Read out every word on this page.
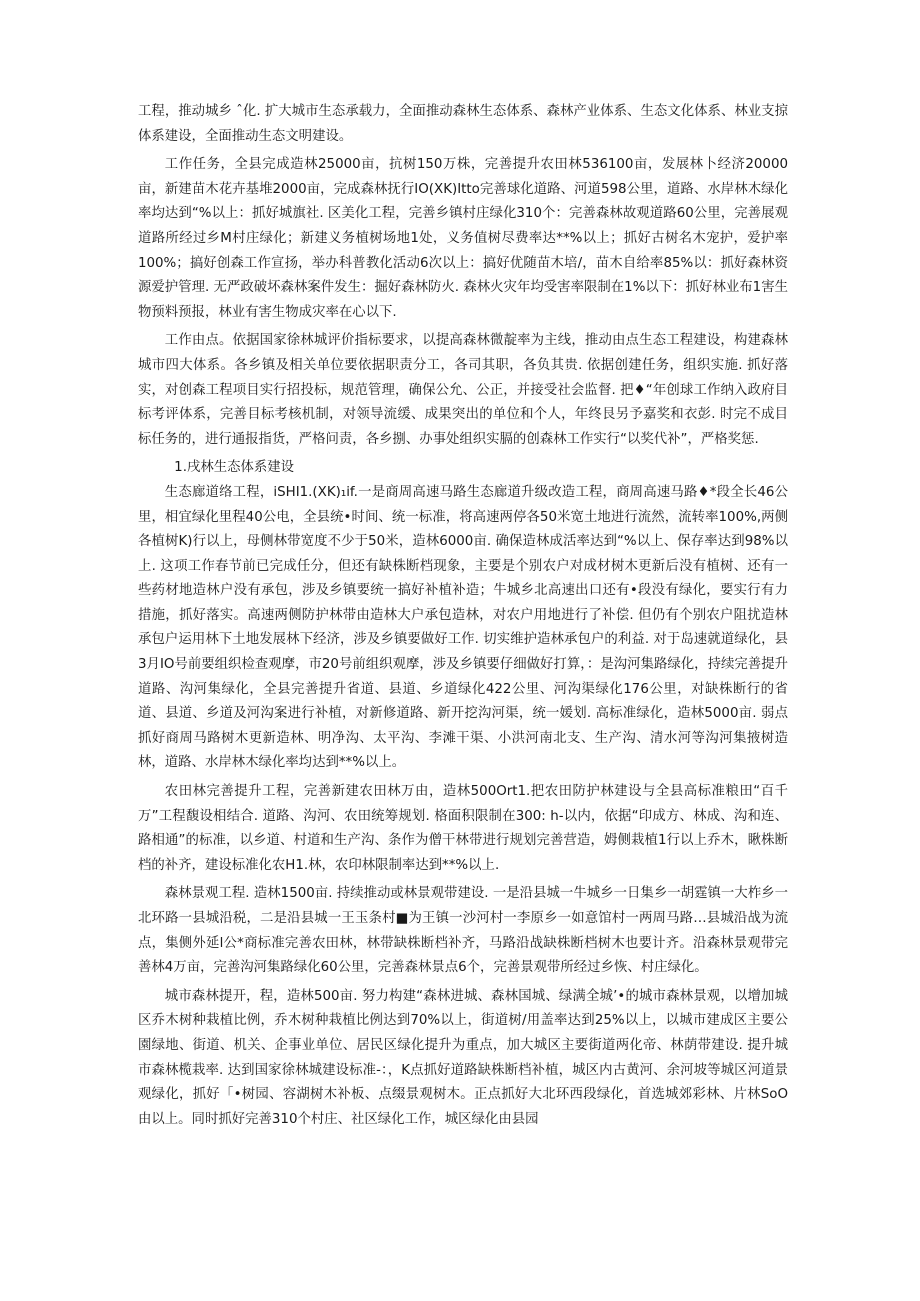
工程，推动城乡 ˆ化. 扩大城市生态承载力，全面推动森林生态体系、森林产业体系、生态文化体系、林业支掠体系建设，全面推动生态文明建设。

工作任务，全县完成造林25000亩，抗树150万株，完善提升农田林536100亩，发展林卜经济20000亩，新建苗木花卉基堆2000亩，完成森林抚行IO(XK)Itto完善球化道路、河道598公里，道路、水岸林木绿化率均达到“%以上：抓好城旗社. 区美化工程，完善乡镇村庄绿化310个：完善森林故观道路60公里，完善展观道路所经过乡M村庄绿化；新建义务植树场地1处，义务值树尽费率达**%以上；抓好古树名木宠护，爱护率100%；搞好创森工作宣扬，举办科普教化活动6次以上：搞好优随苗木培/，苗木自给率85%以：抓好森林资源爱护管理. 无严政破坏森林案件发生：掘好森林防火. 森林火灾年均受害率限制在1%以下：抓好林业布1害生物预料预报，林业有害生物成灾率在心以下.

工作由点。依据国家徐林城评价指标要求，以提高森林微靛率为主线，推动由点生态工程建设，构建森林城市四大体系。各乡镇及相关单位要依据职责分工，各司其职，各负其贵. 依据创建任务，组织实施. 抓好落实，对创森工程项目实行招投标，规范管理，确保公允、公正，并接受社会监督. 把♦“年创球工作纳入政府目标考评体系，完善目标考核机制，对领导流缓、成果突出的单位和个人，年终艮另予嘉奖和衣彭. 时完不成目标任务的，进行通报指货，严格问责，各乡捌、办事处组织实膈的创森林工作实行“以奖代补”，严格奖惩.

1.戌林生态体系建设

生态廊道络工程，iSHI1.(XK)₁if.一是商周高速马路生态廊道升级改造工程，商周高速马路♦*段全长46公里，相宜绿化里程40公电，全县统•时间、统一标准，将高速两停各50米宽土地进行流然，流转率100%,两侧各植树K)行以上，母侧林带宽度不少于50米，造林6000亩. 确保造林成活率达到“%以上、保存率达到98%以上. 这项工作春节前已完成任分，但还有缺株断档现象，主要是个别农户对成材树木更新后没有植树、还有一些药材地造林户没有承包，涉及乡镇要统一搞好补植补造；牛城乡北高速出口还有•段没有绿化，要实行有力措施，抓好落实。高速两侧防护林带由造林大户承包造林，对农户用地进行了补偿. 但仍有个别农户阻扰造林承包户运用林下土地发展林下经济，涉及乡镇要做好工作. 切实维护造林承包户的利益. 对于岛速就道绿化，县3月IO号前要组织检查观摩，市20号前组织观摩，涉及乡镇要仔细做好打算，：是沟河集路绿化，持续完善提升道路、沟河集绿化，全县完善提升省道、县道、乡道绿化422公里、河沟渠绿化176公里，对缺株断行的省道、县道、乡道及河沟案进行补植，对新修道路、新开挖沟河渠，统一媛划. 高标准绿化，造林5000亩. 弱点抓好商周马路树木更新造林、明净沟、太平沟、李滩干渠、小洪河南北支、生产沟、清水河等沟河集掖树造林，道路、水岸林木绿化率均达到**%以上。

农田林完善提升工程，完善新建农田林万由，造林500Ort1.把农田防护林建设与全县高标准粮田“百千万”工程馥设相结合. 道路、沟河、农田统筹规划. 格面积限制在300: h-以内，依据“印成方、林成、沟和连、路相通”的标准，以乡道、村道和生产沟、条作为僧干林带进行规划完善营造，姆侧栽植1行以上乔木，瞅株断档的补齐，建设标准化农H1.林，农印林限制率达到**%以上.

森林景观工程. 造林1500亩. 持续推动或林景观带建设. 一是沿县城一牛城乡一日集乡一胡霆镇一大柞乡一北环路一县城沿税，二是沿县城一王玉条村■为王镇一沙河村一李原乡一如意馆村一两周马路…县城沿战为流点，集侧外延l公*商标准完善农田林，林带缺株断档补齐，马路沿战缺株断档树木也要计齐。沿森林景观带完善林4万亩，完善沟河集路绿化60公里，完善森林景点6个，完善景观带所经过乡恢、村庄绿化。

城市森林提开，程，造林500亩. 努力构建“森林进城、森林国城、绿满全城’•的城市森林景观，以增加城区乔木树种栽植比例，乔木树种栽植比例达到70%以上，街道树/用盖率达到25%以上，以城市建成区主要公園绿地、街道、机关、企事业单位、居民区绿化提升为重点，加大城区主要街道两化帝、林荫带建设. 提升城市森林榄栽率. 达到国家徐林城建设标准-：，K点抓好道路缺株断档补植，城区内古黄河、余河坡等城区河道景观绿化，抓好「•树园、容湖树木补板、点缀景观树木。正点抓好大北环西段绿化，首选城郊彩林、片林SoO由以上。同时抓好完善310个村庄、社区绿化工作，城区绿化由县园
